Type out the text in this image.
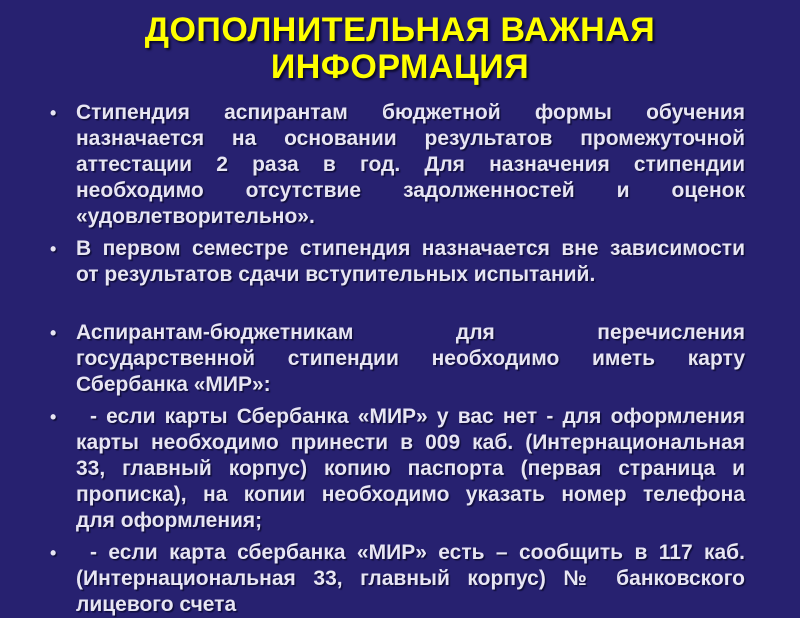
ДОПОЛНИТЕЛЬНАЯ ВАЖНАЯ
ИНФОРМАЦИЯ
• Стипендия аспирантам бюджетной формы обучения
назначается на основании результатов промежуточной
аттестации 2 раза в год. Для назначения стипендии
необходимо отсутствие задолженностей и оценок
«удовлетворительно».
• В первом семестре стипендия назначается вне зависимости
от результатов сдачи вступительных испытаний.
• Аспирантам-бюджетникам для перечисления
государственной стипендии необходимо иметь карту
Сбербанка «МИР»:
•	- если карты Сбербанка «МИР» у вас нет - для оформления
карты необходимо принести в 009 каб. (Интернациональная
33, главный корпус) копию паспорта (первая страница и
прописка), на копии необходимо указать номер телефона
для оформления;
•	- если карта сбербанка «МИР» есть – сообщить в 117 каб.
(Интернациональная 33, главный корпус) № банковского
лицевого счета
